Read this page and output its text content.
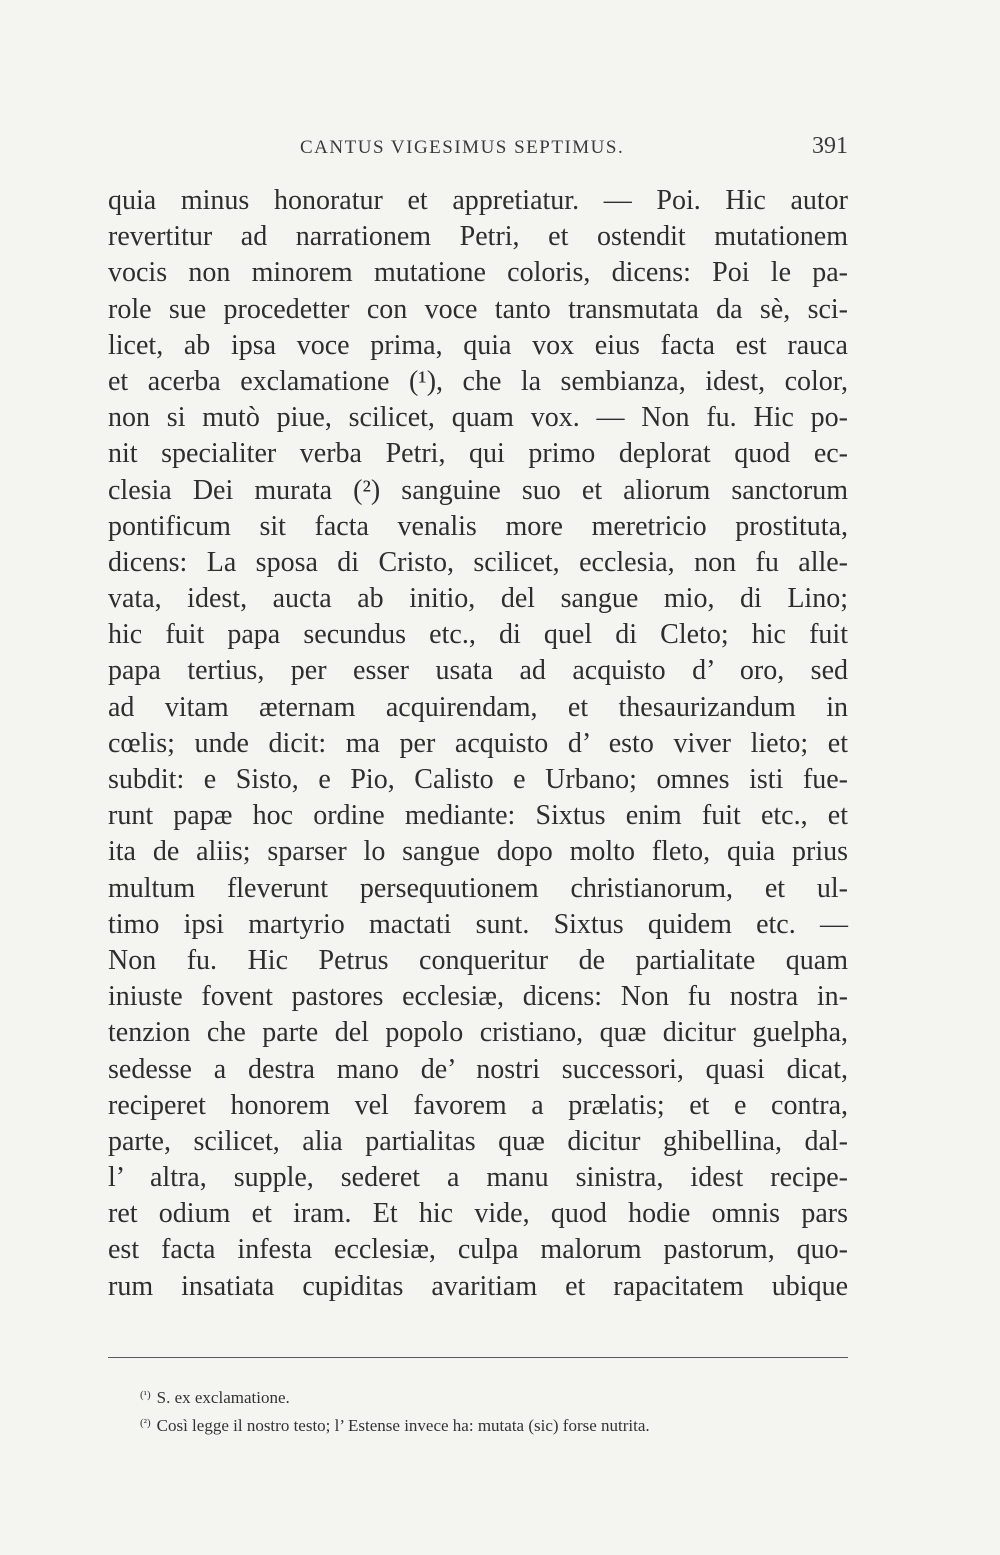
CANTUS VIGESIMUS SEPTIMUS.	391
quia minus honoratur et appretiatur. — Poi. Hic autor
revertitur ad narrationem Petri, et ostendit mutationem
vocis non minorem mutatione coloris, dicens: Poi le pa-
role sue procedetter con voce tanto transmutata da sè, sci-
licet, ab ipsa voce prima, quia vox eius facta est rauca
et acerba exclamatione (¹), che la sembianza, idest, color,
non si mutò piue, scilicet, quam vox. — Non fu. Hic po-
nit specialiter verba Petri, qui primo deplorat quod ec-
clesia Dei murata (²) sanguine suo et aliorum sanctorum
pontificum sit facta venalis more meretricio prostituta,
dicens: La sposa di Cristo, scilicet, ecclesia, non fu alle-
vata, idest, aucta ab initio, del sangue mio, di Lino;
hic fuit papa secundus etc., di quel di Cleto; hic fuit
papa tertius, per esser usata ad acquisto d’ oro, sed
ad vitam æternam acquirendam, et thesaurizandum in
cœlis; unde dicit: ma per acquisto d’ esto viver lieto; et
subdit: e Sisto, e Pio, Calisto e Urbano; omnes isti fue-
runt papæ hoc ordine mediante: Sixtus enim fuit etc., et
ita de aliis; sparser lo sangue dopo molto fleto, quia prius
multum fleverunt persequutionem christianorum, et ul-
timo ipsi martyrio mactati sunt. Sixtus quidem etc. —
Non fu. Hic Petrus conqueritur de partialitate quam
iniuste fovent pastores ecclesiæ, dicens: Non fu nostra in-
tenzion che parte del popolo cristiano, quæ dicitur guelpha,
sedesse a destra mano de’ nostri successori, quasi dicat,
reciperet honorem vel favorem a prælatis; et e contra,
parte, scilicet, alia partialitas quæ dicitur ghibellina, dal-
l’ altra, supple, sederet a manu sinistra, idest recipe-
ret odium et iram. Et hic vide, quod hodie omnis pars
est facta infesta ecclesiæ, culpa malorum pastorum, quo-
rum insatiata cupiditas avaritiam et rapacitatem ubique
$^{(^1)}$ S. ex exclamatione.
$^{(^2)}$ Così legge il nostro testo; l’ Estense invece ha: mutata (sic) forse nutrita.
